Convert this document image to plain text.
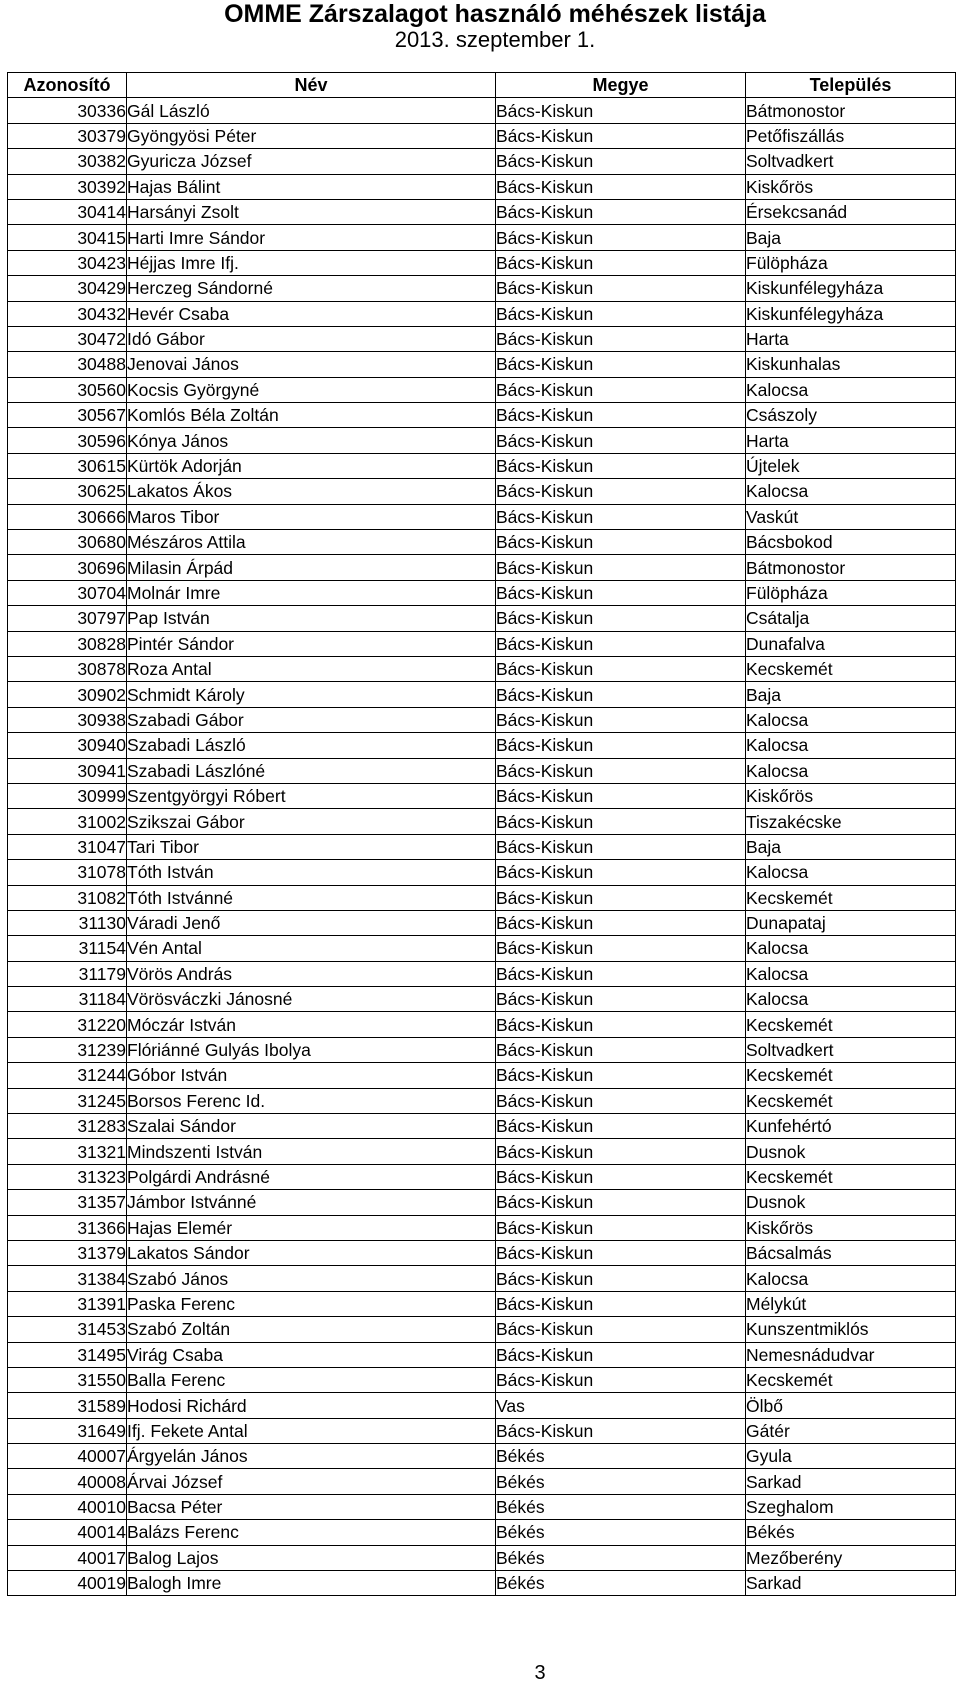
OMME Zárszalagot használó méhészek listája
2013. szeptember 1.
Azonosító	Név	Megye	Település
30336	Gál László	Bács-Kiskun	Bátmonostor
30379	Gyöngyösi Péter	Bács-Kiskun	Petőfiszállás
30382	Gyuricza József	Bács-Kiskun	Soltvadkert
30392	Hajas Bálint	Bács-Kiskun	Kiskőrös
30414	Harsányi Zsolt	Bács-Kiskun	Érsekcsanád
30415	Harti Imre Sándor	Bács-Kiskun	Baja
30423	Héjjas Imre Ifj.	Bács-Kiskun	Fülöpháza
30429	Herczeg Sándorné	Bács-Kiskun	Kiskunfélegyháza
30432	Hevér Csaba	Bács-Kiskun	Kiskunfélegyháza
30472	Idó Gábor	Bács-Kiskun	Harta
30488	Jenovai János	Bács-Kiskun	Kiskunhalas
30560	Kocsis Györgyné	Bács-Kiskun	Kalocsa
30567	Komlós Béla Zoltán	Bács-Kiskun	Császoly
30596	Kónya János	Bács-Kiskun	Harta
30615	Kürtök Adorján	Bács-Kiskun	Újtelek
30625	Lakatos Ákos	Bács-Kiskun	Kalocsa
30666	Maros Tibor	Bács-Kiskun	Vaskút
30680	Mészáros Attila	Bács-Kiskun	Bácsbokod
30696	Milasin Árpád	Bács-Kiskun	Bátmonostor
30704	Molnár Imre	Bács-Kiskun	Fülöpháza
30797	Pap István	Bács-Kiskun	Csátalja
30828	Pintér Sándor	Bács-Kiskun	Dunafalva
30878	Roza Antal	Bács-Kiskun	Kecskemét
30902	Schmidt Károly	Bács-Kiskun	Baja
30938	Szabadi Gábor	Bács-Kiskun	Kalocsa
30940	Szabadi László	Bács-Kiskun	Kalocsa
30941	Szabadi Lászlóné	Bács-Kiskun	Kalocsa
30999	Szentgyörgyi Róbert	Bács-Kiskun	Kiskőrös
31002	Szikszai Gábor	Bács-Kiskun	Tiszakécske
31047	Tari Tibor	Bács-Kiskun	Baja
31078	Tóth István	Bács-Kiskun	Kalocsa
31082	Tóth Istvánné	Bács-Kiskun	Kecskemét
31130	Váradi Jenő	Bács-Kiskun	Dunapataj
31154	Vén Antal	Bács-Kiskun	Kalocsa
31179	Vörös András	Bács-Kiskun	Kalocsa
31184	Vörösváczki Jánosné	Bács-Kiskun	Kalocsa
31220	Móczár István	Bács-Kiskun	Kecskemét
31239	Flóriánné Gulyás Ibolya	Bács-Kiskun	Soltvadkert
31244	Góbor István	Bács-Kiskun	Kecskemét
31245	Borsos Ferenc Id.	Bács-Kiskun	Kecskemét
31283	Szalai Sándor	Bács-Kiskun	Kunfehértó
31321	Mindszenti István	Bács-Kiskun	Dusnok
31323	Polgárdi Andrásné	Bács-Kiskun	Kecskemét
31357	Jámbor Istvánné	Bács-Kiskun	Dusnok
31366	Hajas Elemér	Bács-Kiskun	Kiskőrös
31379	Lakatos Sándor	Bács-Kiskun	Bácsalmás
31384	Szabó János	Bács-Kiskun	Kalocsa
31391	Paska Ferenc	Bács-Kiskun	Mélykút
31453	Szabó Zoltán	Bács-Kiskun	Kunszentmiklós
31495	Virág Csaba	Bács-Kiskun	Nemesnádudvar
31550	Balla Ferenc	Bács-Kiskun	Kecskemét
31589	Hodosi Richárd	Vas	Ölbő
31649	Ifj. Fekete Antal	Bács-Kiskun	Gátér
40007	Árgyelán János	Békés	Gyula
40008	Árvai József	Békés	Sarkad
40010	Bacsa Péter	Békés	Szeghalom
40014	Balázs Ferenc	Békés	Békés
40017	Balog Lajos	Békés	Mezőberény
40019	Balogh Imre	Békés	Sarkad
3
